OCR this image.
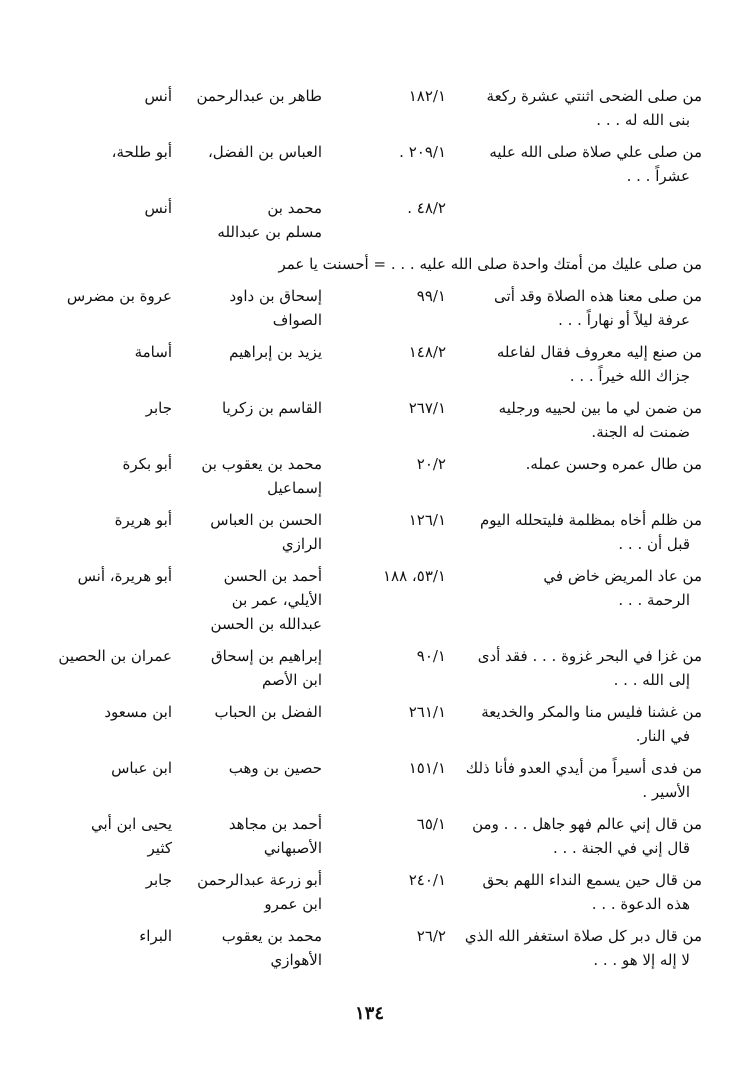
من صلى الضحى اثنتي عشرة ركعة
بنى الله له . . .
١٨٢/١
طاهر بن عبدالرحمن
أنس
من صلى علي صلاة صلى الله عليه
عشراً . . .
٢٠٩/١ .
العباس بن الفضل،
أبو طلحة،
٤٨/٢ .
محمد بن
مسلم بن عبدالله
أنس
من صلى عليك من أمتك واحدة صلى الله عليه . . . = أحسنت يا عمر
من صلى معنا هذه الصلاة وقد أتى
عرفة ليلاً أو نهاراً . . .
٩٩/١
إسحاق بن داود
الصواف
عروة بن مضرس
من صنع إليه معروف فقال لفاعله
جزاك الله خيراً . . .
١٤٨/٢
يزيد بن إبراهيم
أسامة
من ضمن لي ما بين لحييه ورجليه
ضمنت له الجنة.
٢٦٧/١
القاسم بن زكريا
جابر
من طال عمره وحسن عمله.
٢٠/٢
محمد بن يعقوب بن
إسماعيل
أبو بكرة
من ظلم أخاه بمظلمة فليتحلله اليوم
قبل أن . . .
١٢٦/١
الحسن بن العباس
الرازي
أبو هريرة
من عاد المريض خاض في
الرحمة . . .
٥٣/١، ١٨٨
أحمد بن الحسن
الأيلي، عمر بن
عبدالله بن الحسن
أبو هريرة، أنس
من غزا في البحر غزوة . . . فقد أدى
إلى الله . . .
٩٠/١
إبراهيم بن إسحاق
ابن الأصم
عمران بن الحصين
من غشنا فليس منا والمكر والخديعة
في النار.
٢٦١/١
الفضل بن الحباب
ابن مسعود
من فدى أسيراً من أيدي العدو فأنا ذلك
الأسير .
١٥١/١
حصين بن وهب
ابن عباس
من قال إني عالم فهو جاهل . . . ومن
قال إني في الجنة . . .
٦٥/١
أحمد بن مجاهد
الأصبهاني
يحيى ابن أبي
كثير
من قال حين يسمع النداء اللهم بحق
هذه الدعوة . . .
٢٤٠/١
أبو زرعة عبدالرحمن
ابن عمرو
جابر
من قال دبر كل صلاة استغفر الله الذي
لا إله إلا هو . . .
٢٦/٢
محمد بن يعقوب
الأهوازي
البراء
١٣٤
